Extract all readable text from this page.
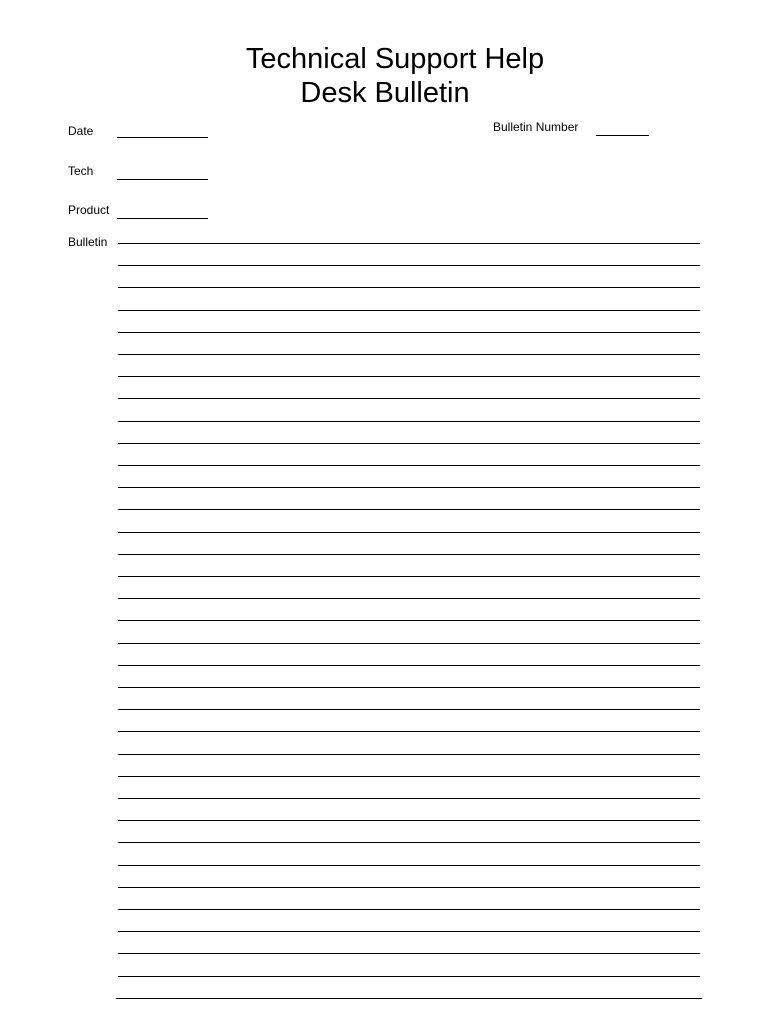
Technical Support Help
Desk Bulletin
Date	Bulletin Number
Tech
Product
Bulletin
